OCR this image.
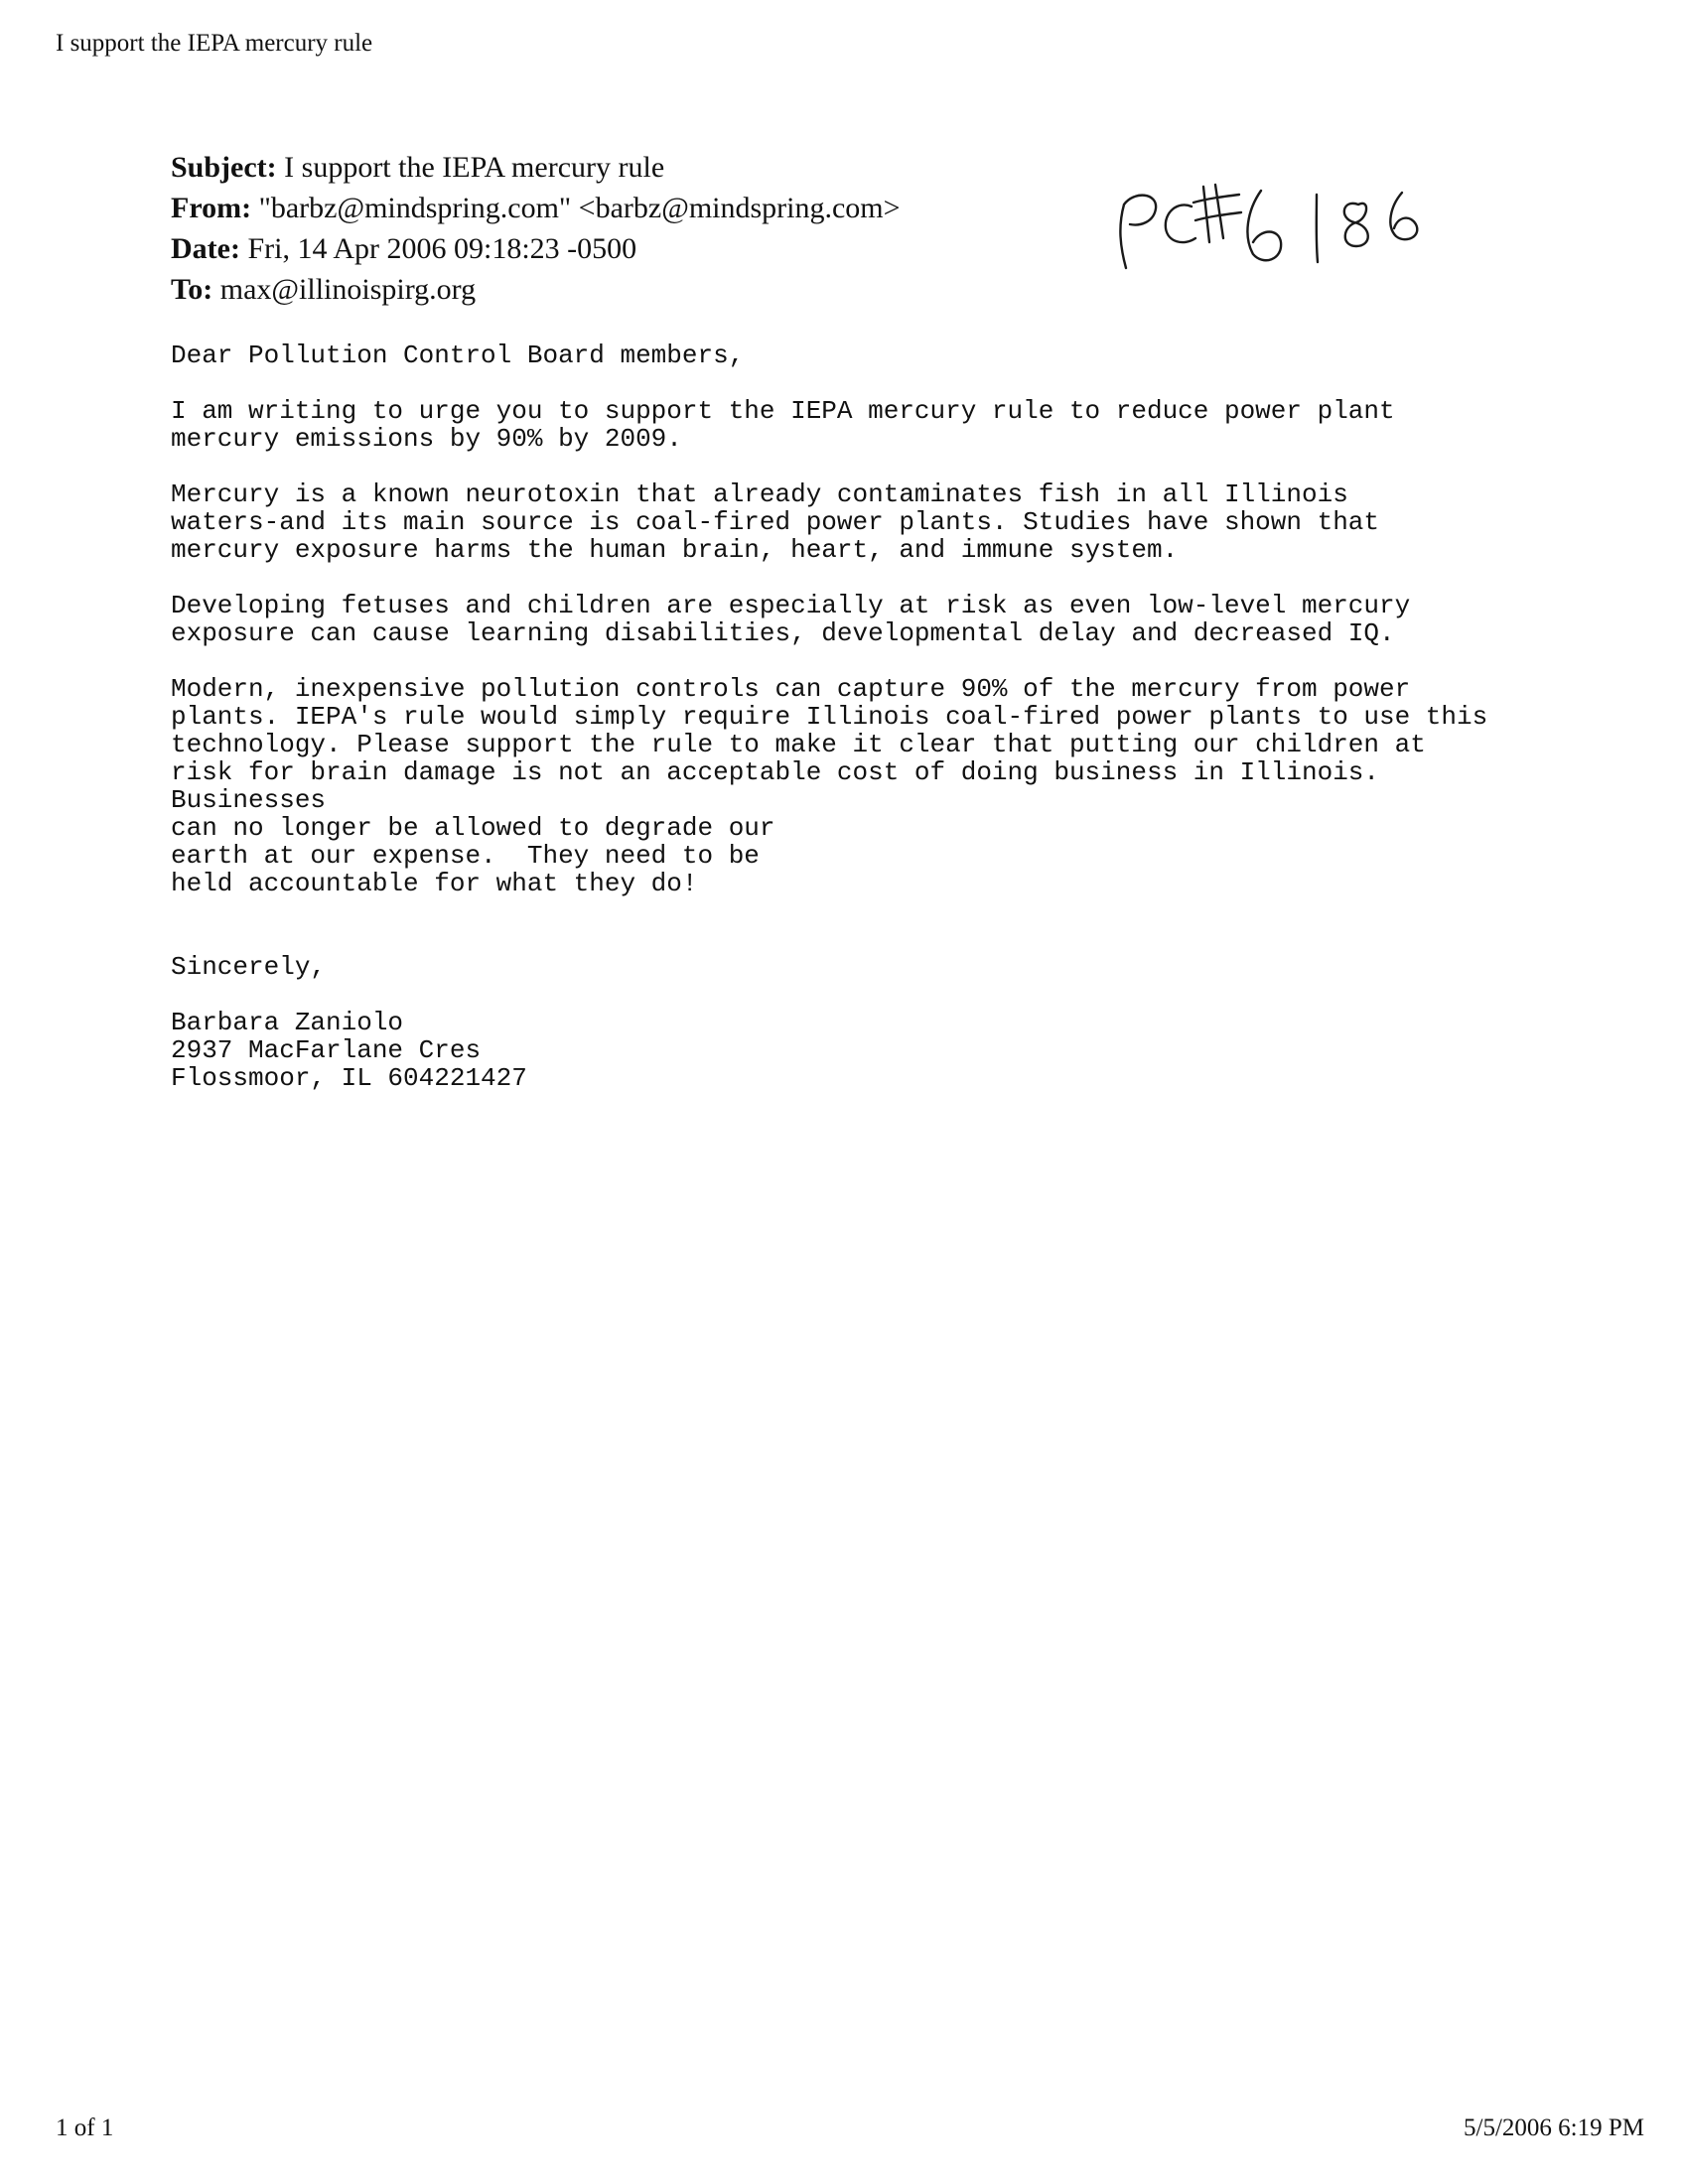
I support the IEPA mercury rule
Subject: I support the IEPA mercury rule
From: "barbz@mindspring.com" <barbz@mindspring.com>
Date: Fri, 14 Apr 2006 09:18:23 -0500
To: max@illinoispirg.org
Dear Pollution Control Board members,
I am writing to urge you to support the IEPA mercury rule to reduce power plant
mercury emissions by 90% by 2009.
Mercury is a known neurotoxin that already contaminates fish in all Illinois
waters-and its main source is coal-fired power plants. Studies have shown that
mercury exposure harms the human brain, heart, and immune system.
Developing fetuses and children are especially at risk as even low-level mercury
exposure can cause learning disabilities, developmental delay and decreased IQ.
Modern, inexpensive pollution controls can capture 90% of the mercury from power
plants. IEPA's rule would simply require Illinois coal-fired power plants to use this
technology. Please support the rule to make it clear that putting our children at
risk for brain damage is not an acceptable cost of doing business in Illinois.
Businesses
can no longer be allowed to degrade our
earth at our expense.  They need to be
held accountable for what they do!
Sincerely,
Barbara Zaniolo
2937 MacFarlane Cres
Flossmoor, IL 604221427
1 of 1	5/5/2006 6:19 PM
